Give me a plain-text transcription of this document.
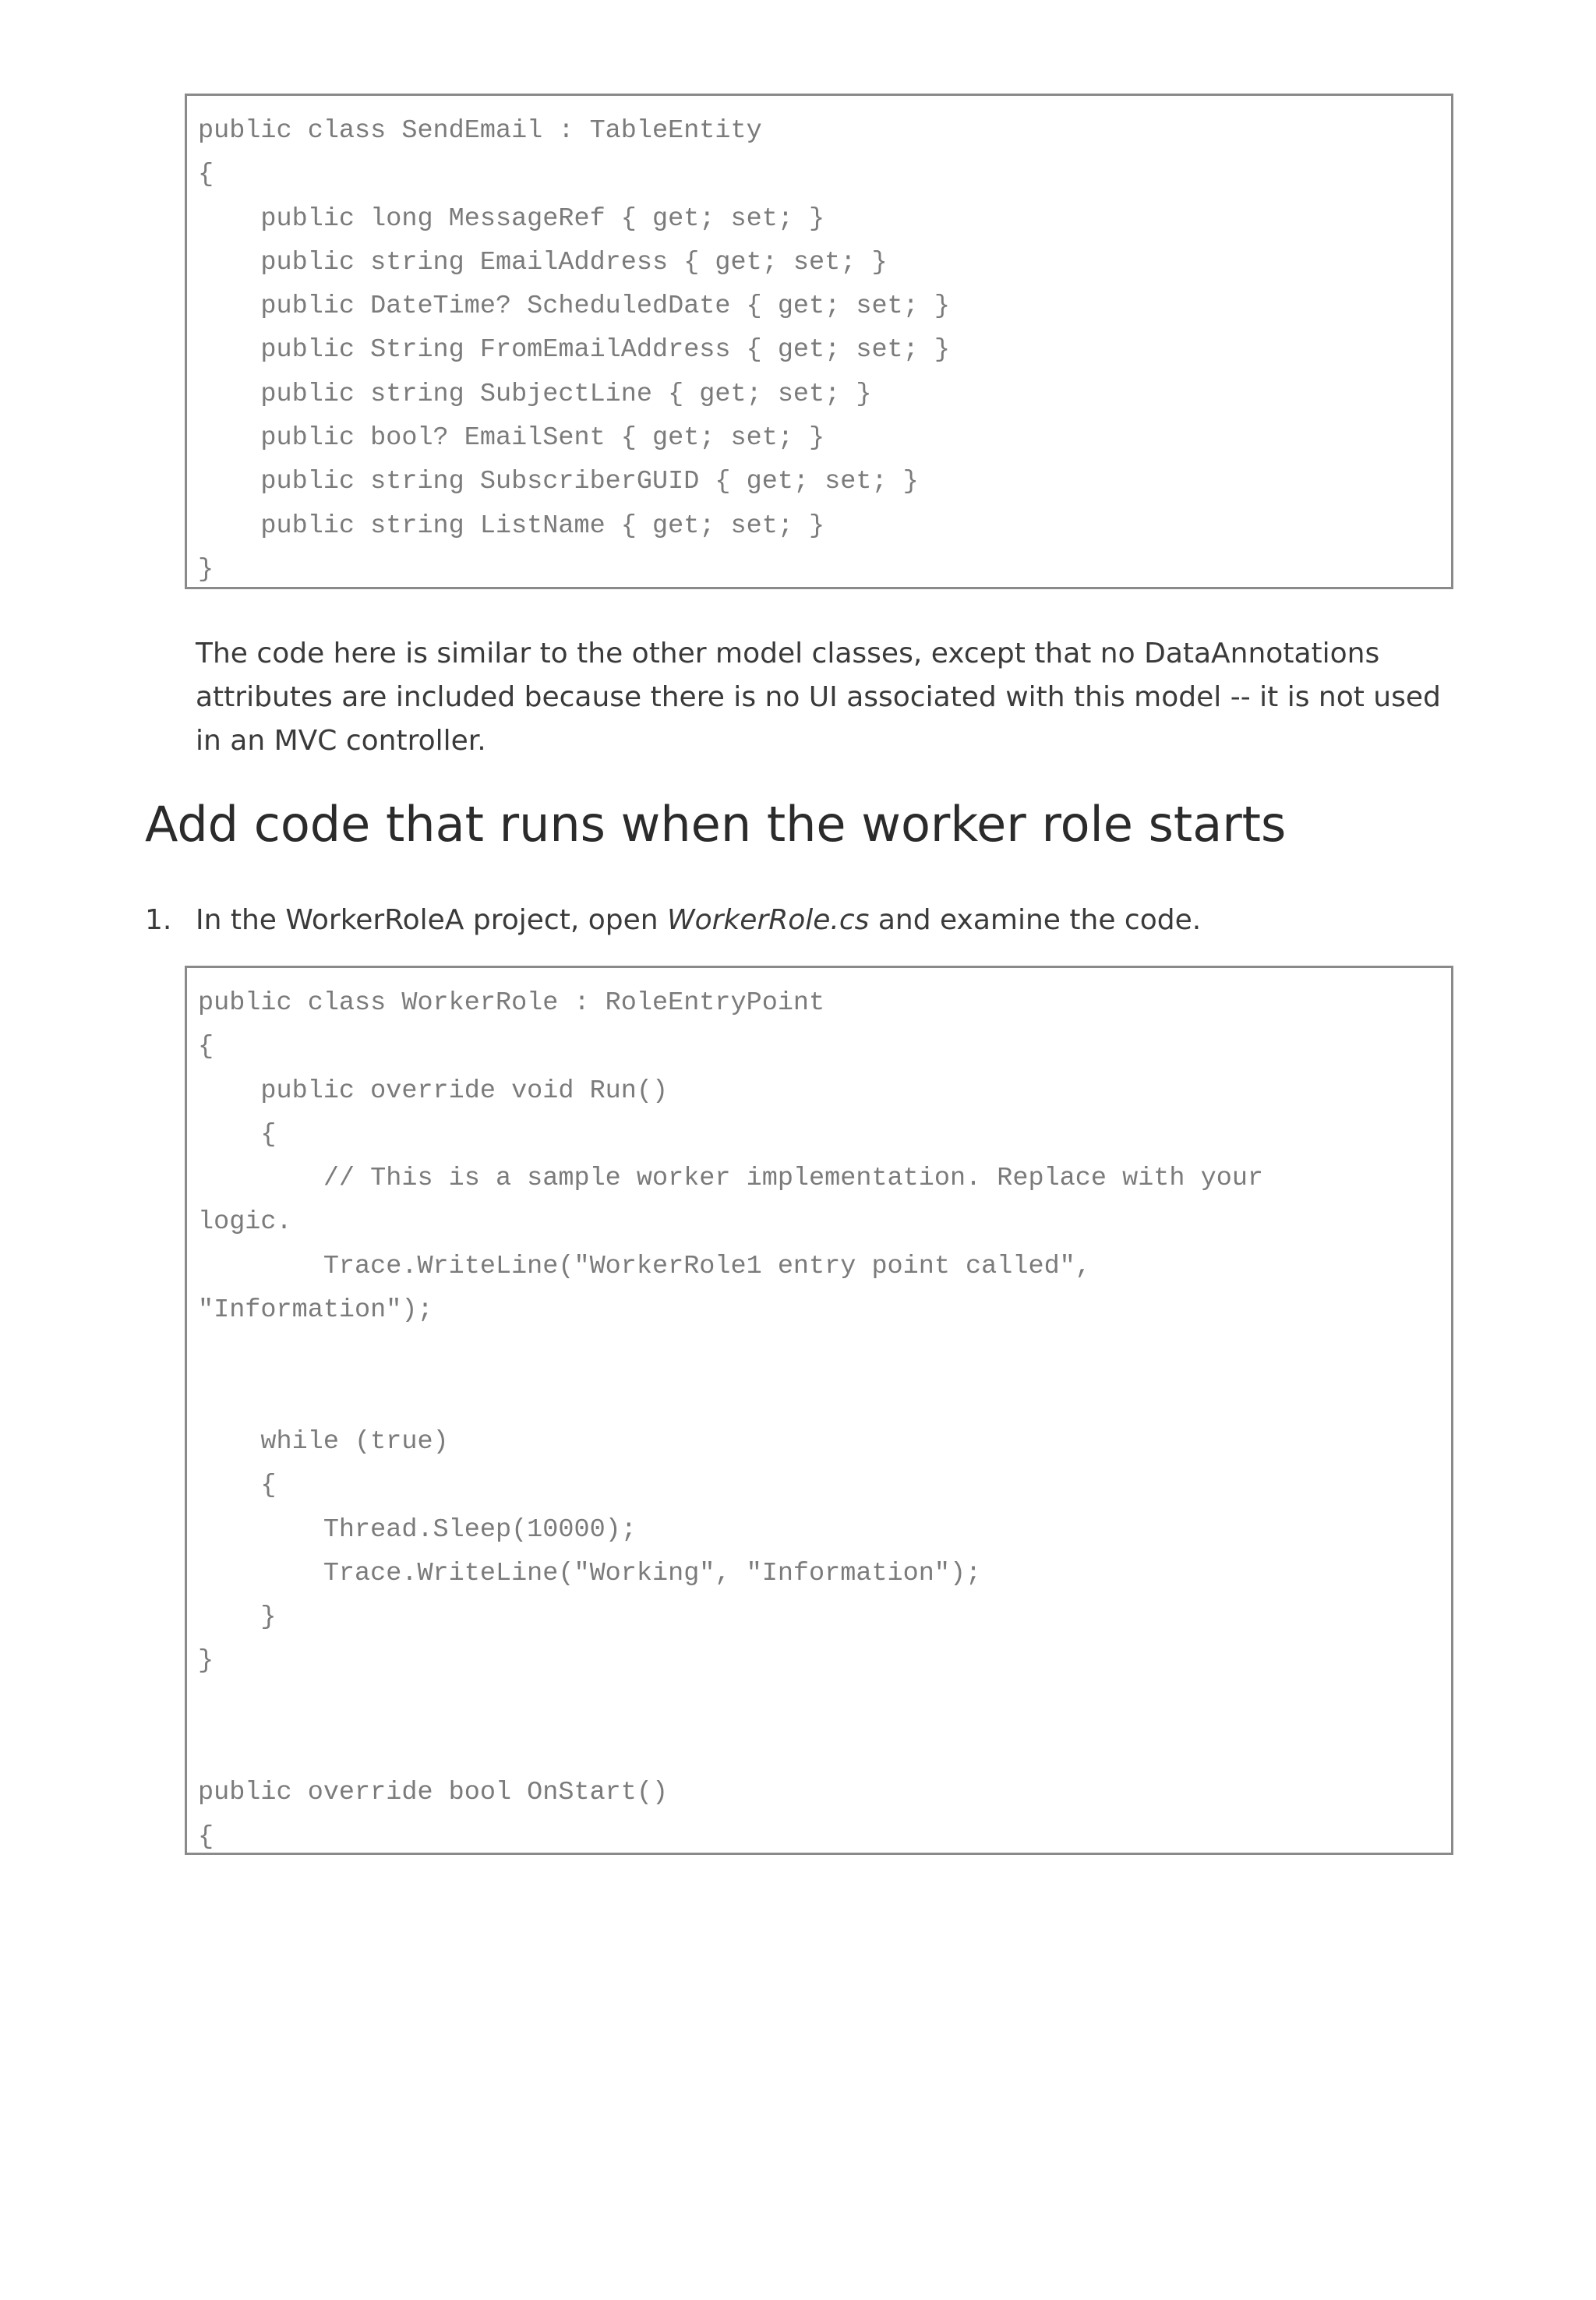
public class SendEmail : TableEntity
{
public long MessageRef { get; set; }
public string EmailAddress { get; set; }
public DateTime? ScheduledDate { get; set; }
public String FromEmailAddress { get; set; }
public string SubjectLine { get; set; }
public bool? EmailSent { get; set; }
public string SubscriberGUID { get; set; }
public string ListName { get; set; }
}

The code here is similar to the other model classes, except that no DataAnnotations attributes are included because there is no UI associated with this model -- it is not used in an MVC controller.

Add code that runs when the worker role starts
1. In the WorkerRoleA project, open WorkerRole.cs and examine the code.
public class WorkerRole : RoleEntryPoint
{
public override void Run()
{
// This is a sample worker implementation. Replace with your
logic.
Trace.WriteLine("WorkerRole1 entry point called",
"Information");

while (true)
{
Thread.Sleep(10000);
Trace.WriteLine("Working", "Information");
}
}

public override bool OnStart()
{
